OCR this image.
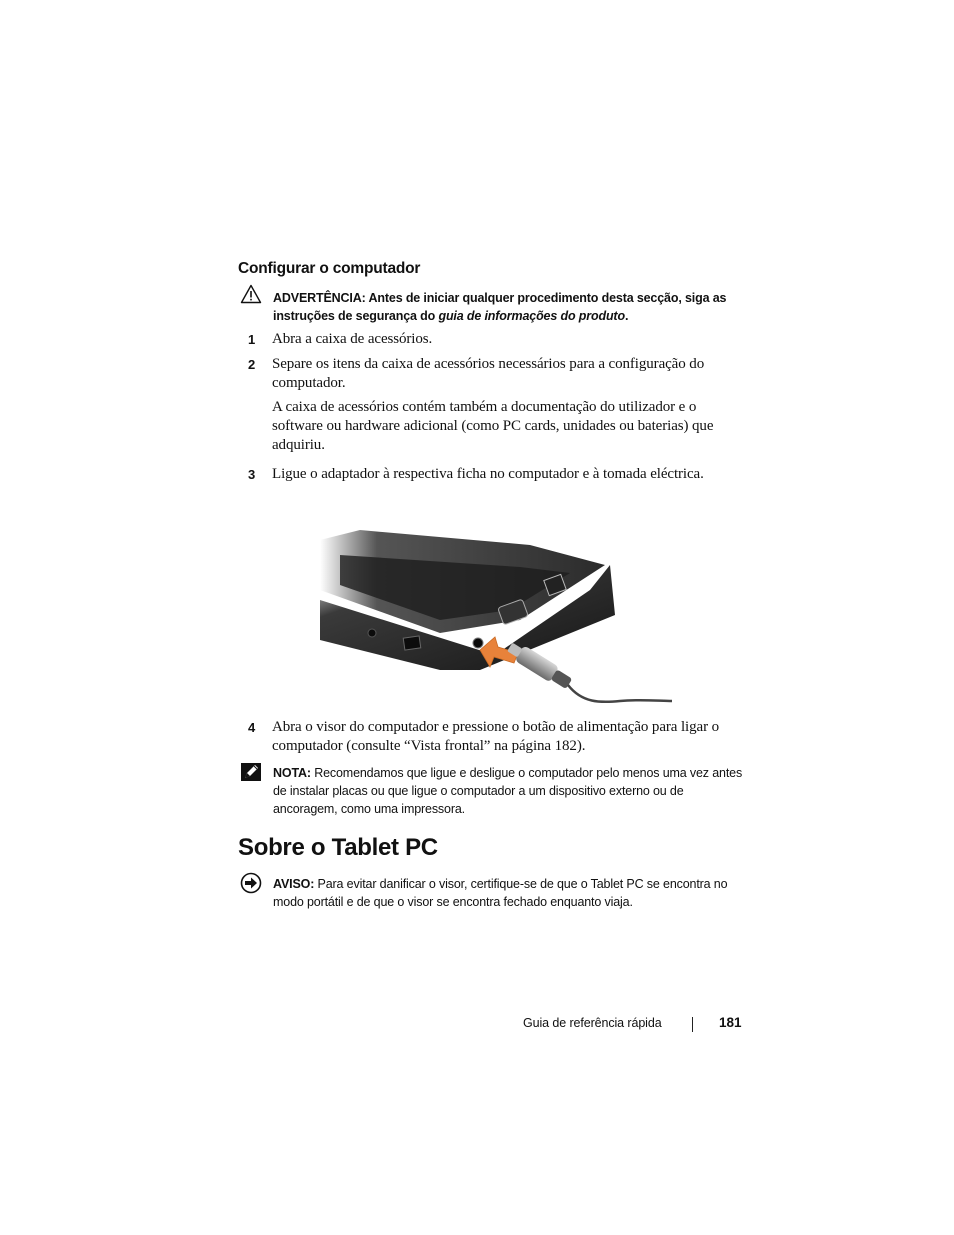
Configurar o computador
ADVERTÊNCIA: Antes de iniciar qualquer procedimento desta secção, siga as instruções de segurança do guia de informações do produto.
1 Abra a caixa de acessórios.
2 Separe os itens da caixa de acessórios necessários para a configuração do computador.
A caixa de acessórios contém também a documentação do utilizador e o software ou hardware adicional (como PC cards, unidades ou baterias) que adquiriu.
3 Ligue o adaptador à respectiva ficha no computador e à tomada eléctrica.
4 Abra o visor do computador e pressione o botão de alimentação para ligar o computador (consulte “Vista frontal” na página 182).
NOTA: Recomendamos que ligue e desligue o computador pelo menos uma vez antes de instalar placas ou que ligue o computador a um dispositivo externo ou de ancoragem, como uma impressora.
Sobre o Tablet PC
AVISO: Para evitar danificar o visor, certifique-se de que o Tablet PC se encontra no modo portátil e de que o visor se encontra fechado enquanto viaja.
Guia de referência rápida	181
